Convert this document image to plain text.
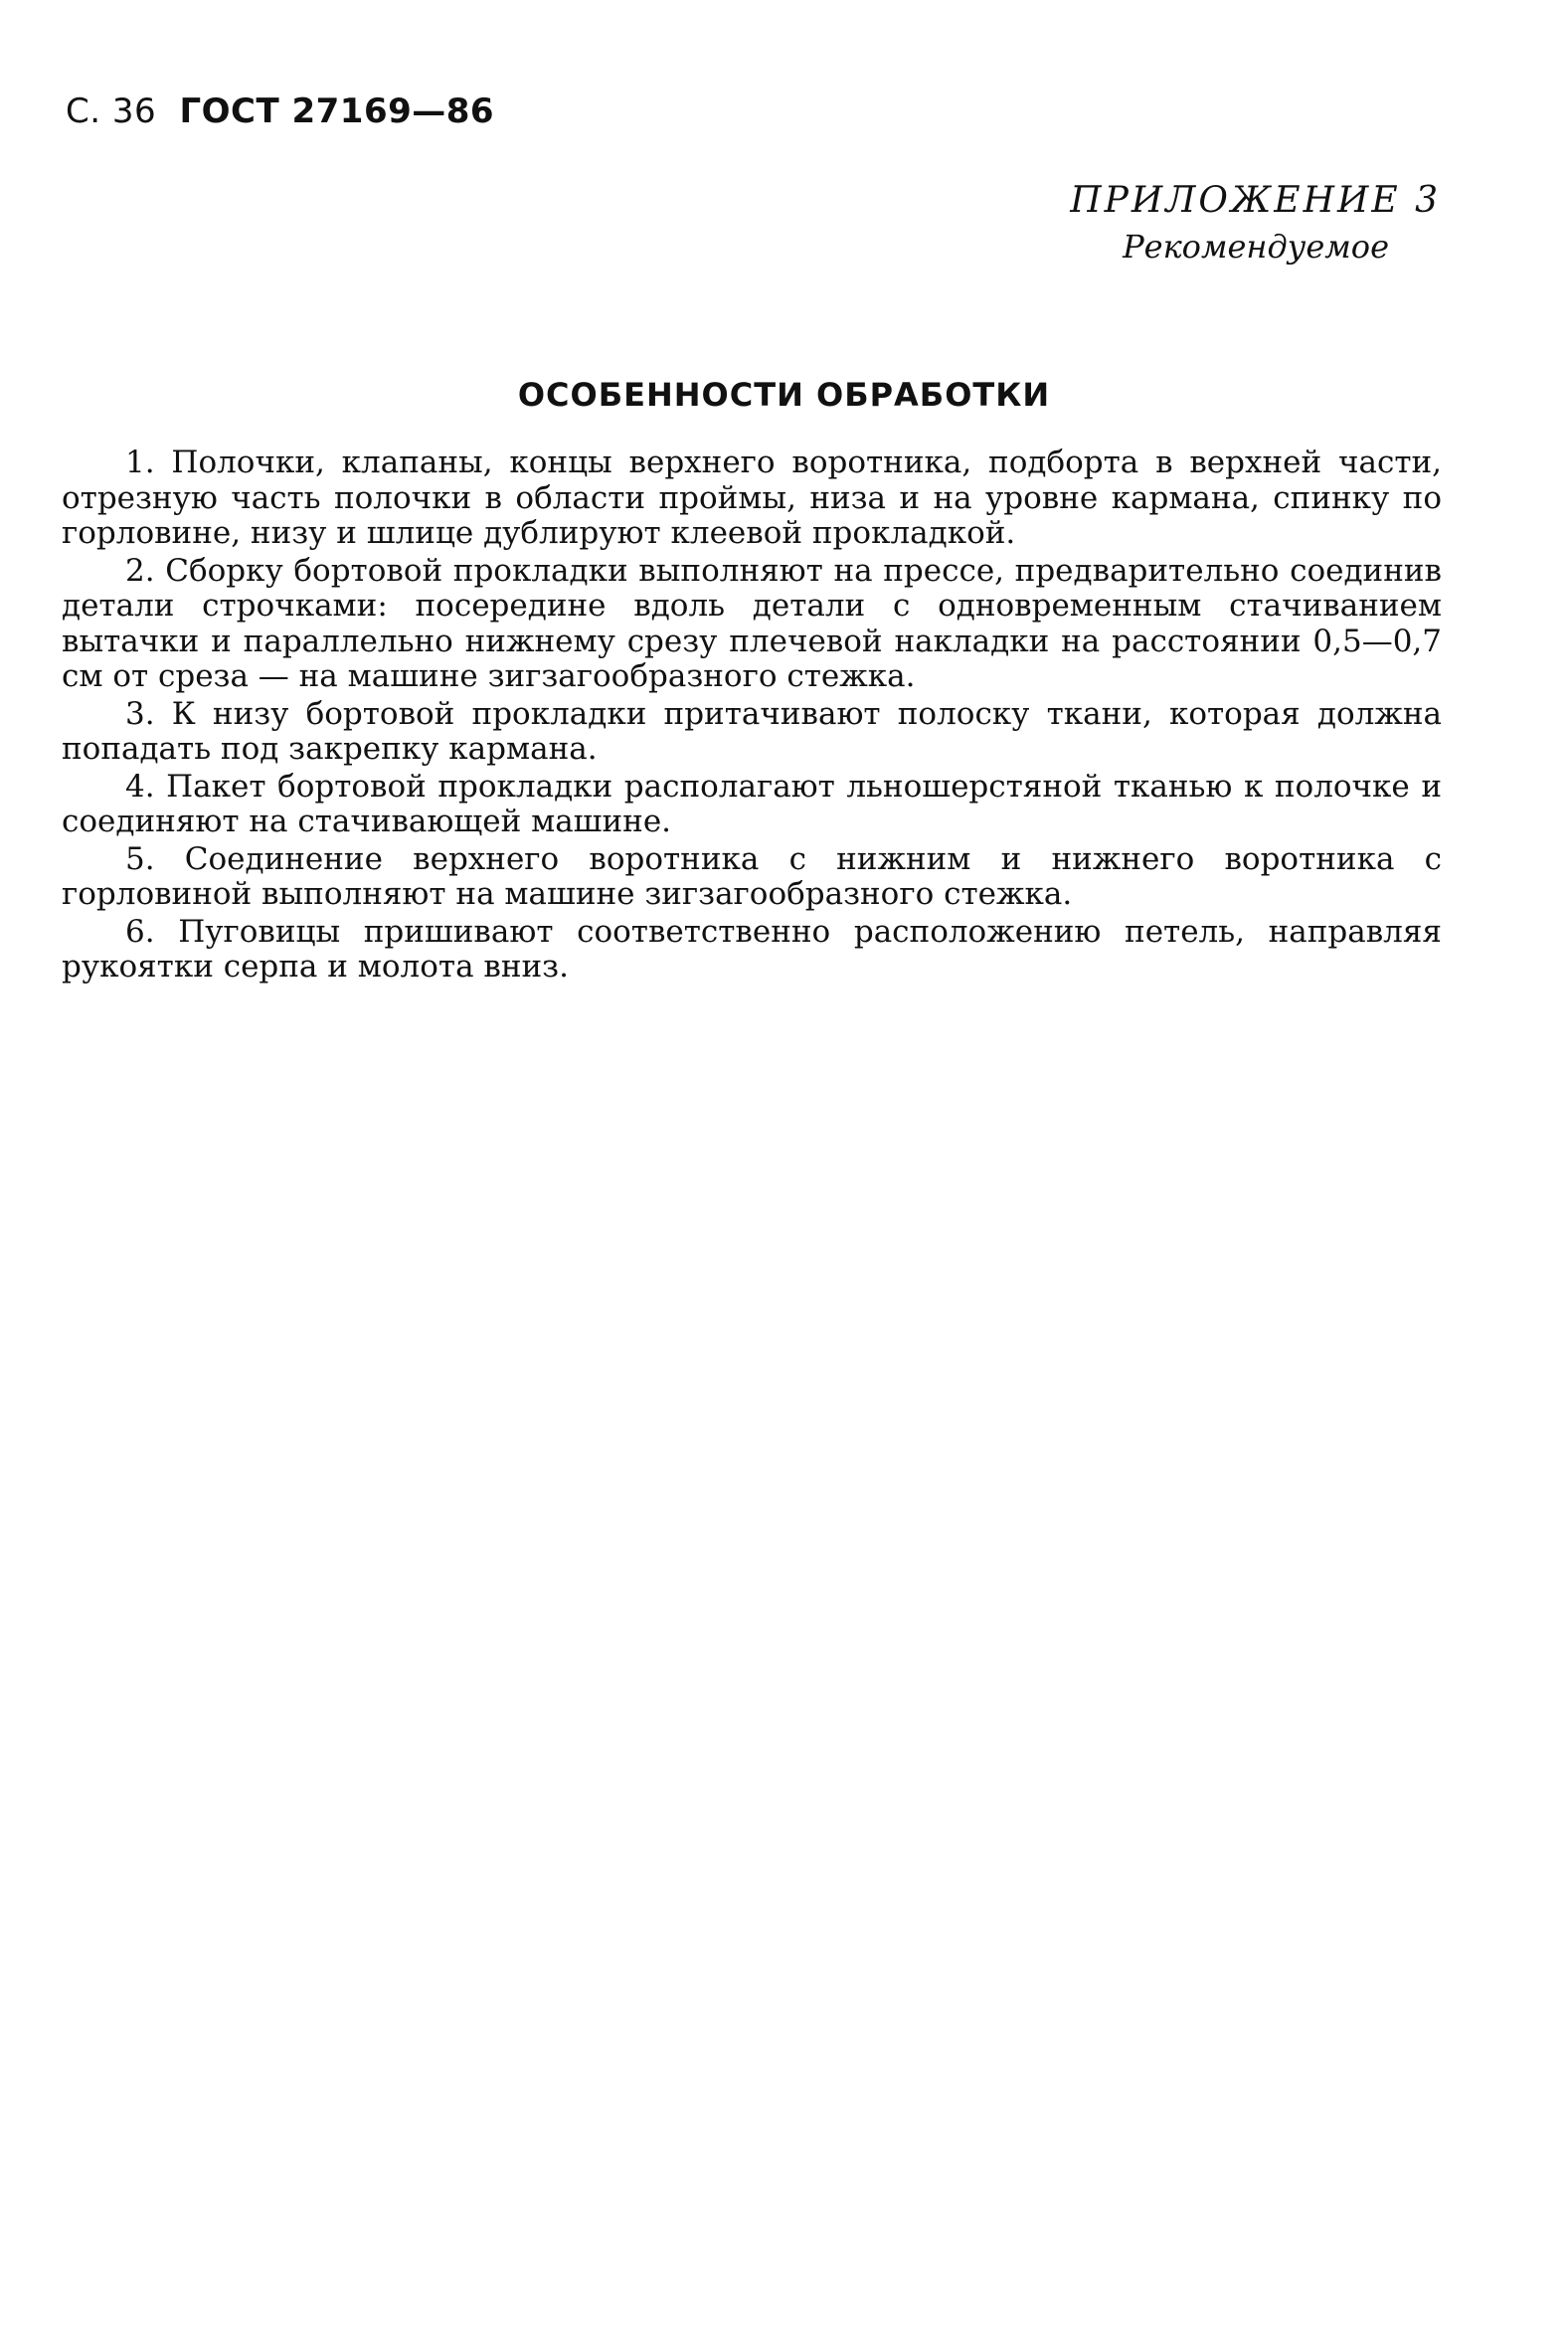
С. 36 ГОСТ 27169—86
ПРИЛОЖЕНИЕ 3
Рекомендуемое
ОСОБЕННОСТИ ОБРАБОТКИ

1. Полочки, клапаны, концы верхнего воротника, подборта в верхней части, отрезную часть полочки в области проймы, низа и на уровне кармана, спинку по горловине, низу и шлице дублируют клеевой прокладкой.

2. Сборку бортовой прокладки выполняют на прессе, предварительно соединив детали строчками: посередине вдоль детали с одновременным стачиванием вытачки и параллельно нижнему срезу плечевой накладки на расстоянии 0,5—0,7 см от среза — на машине зигзагообразного стежка.

3. К низу бортовой прокладки притачивают полоску ткани, которая должна попадать под закрепку кармана.

4. Пакет бортовой прокладки располагают льношерстяной тканью к полочке и соединяют на стачивающей машине.

5. Соединение верхнего воротника с нижним и нижнего воротника с горловиной выполняют на машине зигзагообразного стежка.

6. Пуговицы пришивают соответственно расположению петель, направляя рукоятки серпа и молота вниз.
